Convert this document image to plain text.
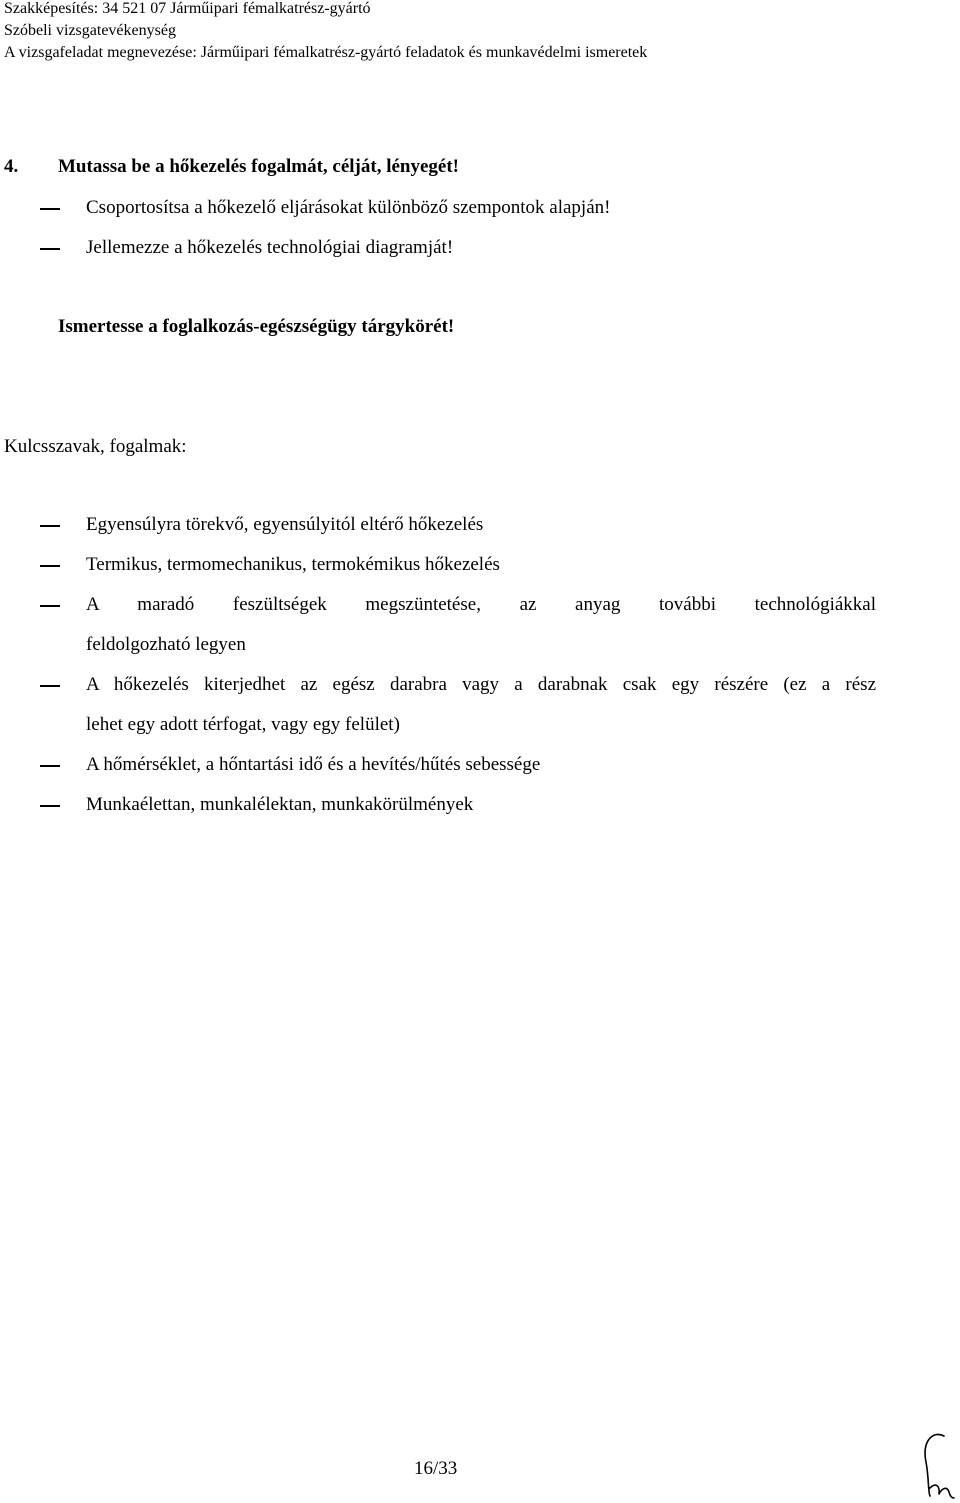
Szakképesítés: 34 521 07 Járműipari fémalkatrész-gyártó
Szóbeli vizsgatevékenység
A vizsgafeladat megnevezése: Járműipari fémalkatrész-gyártó feladatok és munkavédelmi ismeretek
4. Mutassa be a hőkezelés fogalmát, célját, lényegét!
Csoportosítsa a hőkezelő eljárásokat különböző szempontok alapján!
Jellemezze a hőkezelés technológiai diagramját!
Ismertesse a foglalkozás-egészségügy tárgykörét!
Kulcsszavak, fogalmak:
Egyensúlyra törekvő, egyensúlyitól eltérő hőkezelés
Termikus, termomechanikus, termokémikus hőkezelés
A maradó feszültségek megszüntetése, az anyag további technológiákkal
feldolgozható legyen
A hőkezelés kiterjedhet az egész darabra vagy a darabnak csak egy részére (ez a rész
lehet egy adott térfogat, vagy egy felület)
A hőmérséklet, a hőntartási idő és a hevítés/hűtés sebessége
Munkaélettan, munkalélektan, munkakörülmények
16/33
